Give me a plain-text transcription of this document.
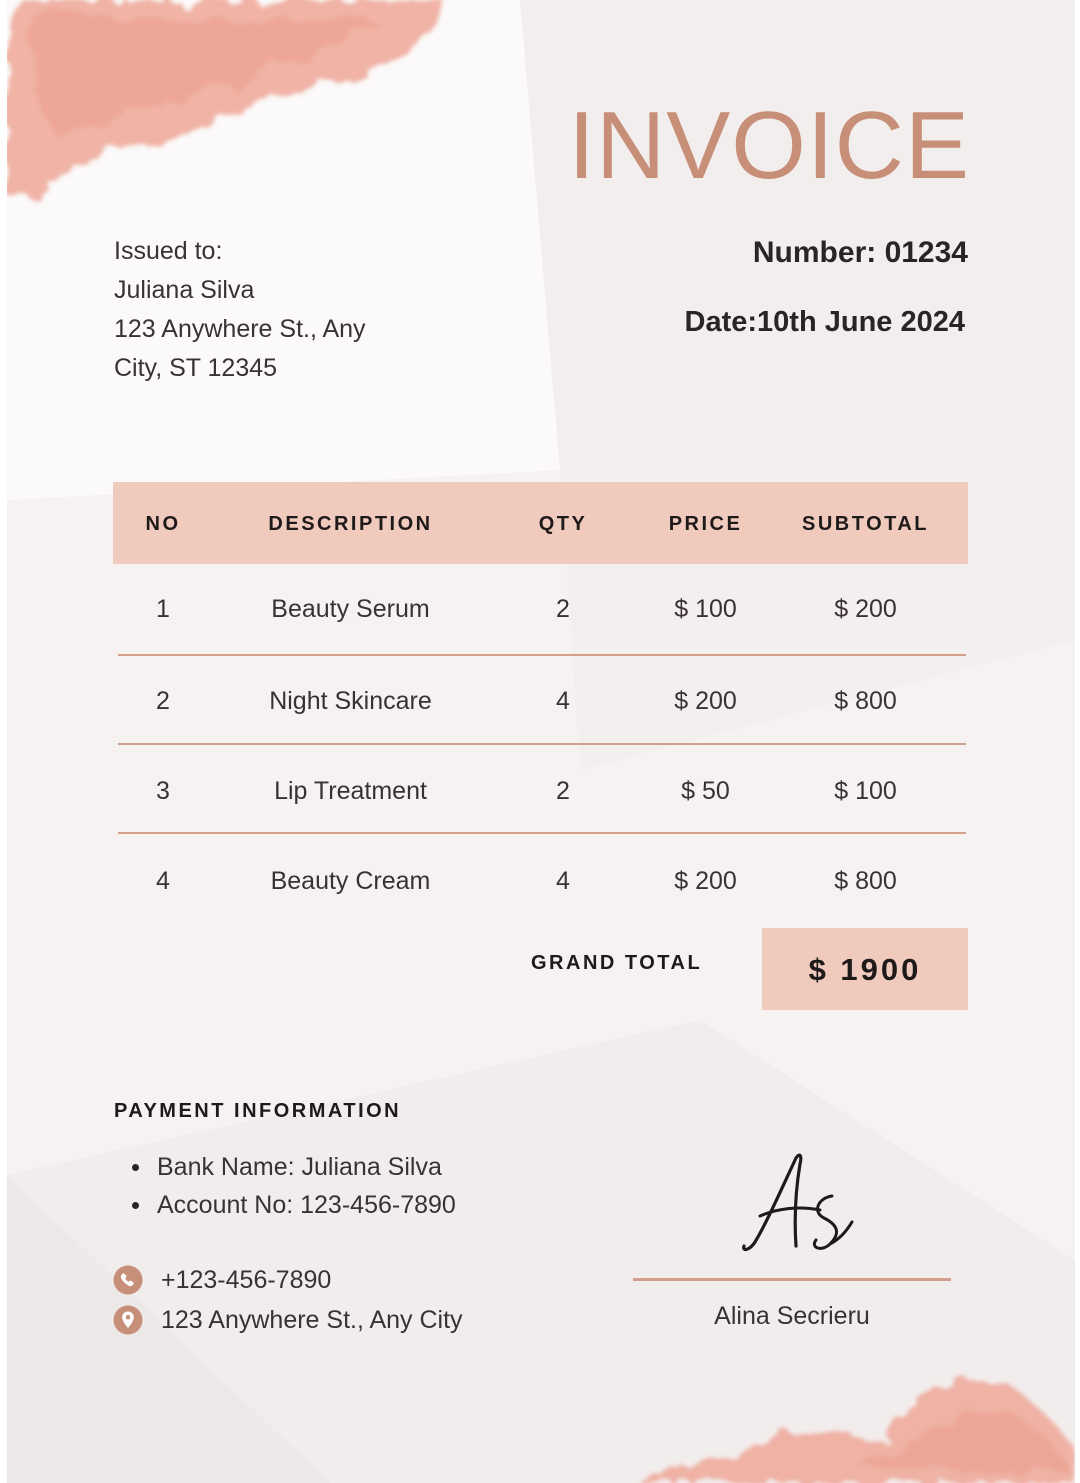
INVOICE
Issued to:
Juliana Silva
123 Anywhere St., Any
City, ST 12345
Number: 01234
Date:10th June 2024
NO	DESCRIPTION	QTY	PRICE	SUBTOTAL
1	Beauty Serum	2	$ 100	$ 200
2	Night Skincare	4	$ 200	$ 800
3	Lip Treatment	2	$ 50	$ 100
4	Beauty Cream	4	$ 200	$ 800
GRAND TOTAL	$ 1900
PAYMENT INFORMATION
Bank Name: Juliana Silva
Account No: 123-456-7890
+123-456-7890
123 Anywhere St., Any City	Alina Secrieru
